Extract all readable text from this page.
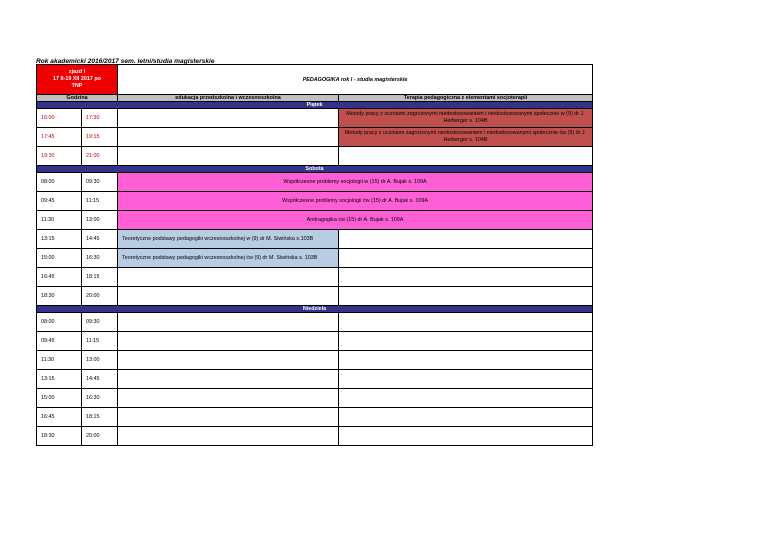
Rok akademicki 2016/2017 sem. letni/studia magisterskie
zjazd I
17 II-19 XII 2017 po
TNP		PEDAGOGIKA rok I - studia magisterskie	
Godzina		edukacja przedszkolna i wczesnoszkolna	Terapia pedagogiczna z elementami socjoterapii
Piątek			
16:00	17:30		Metody pracy z uczniami zagrożonymi niedostosowaniem i niedostosowanymi społecznie w (9) dr J. Herberger s. 104B
17:45	19:15		Metody pracy z uczniami zagrożonymi niedostosowaniem i niedostosowanymi społecznie ćw (9) dr J. Herberger s. 104B
19:30	21:00		
Sobota			
08:00	09:30	Współczesne problemy socjologii w (15) dr A. Bujak s. 109A	
09:45	11:15	Współczesne problemy socjologii ćw (15) dr A. Bujak s. 109A	
11:30	13:00	Andragogika ćw (15) dr A. Bujak s. 109A	
13:15	14:45	Teoretyczne podstawy pedagogiki wczesnoszkolnej w (9) dr M. Siwińska s.103B	
15:00	16:30	Teoretyczne podstawy pedagogiki wczesnoszkolnej ćw (9) dr M. Siwińska s. 103B	
16:45	18:15		
18:30	20:00		
Niedziela			
08:00	09:30		
09:45	11:15		
11:30	13:00		
13:15	14:45		
15:00	16:30		
16:45	18:15		
18:30	20:00		
